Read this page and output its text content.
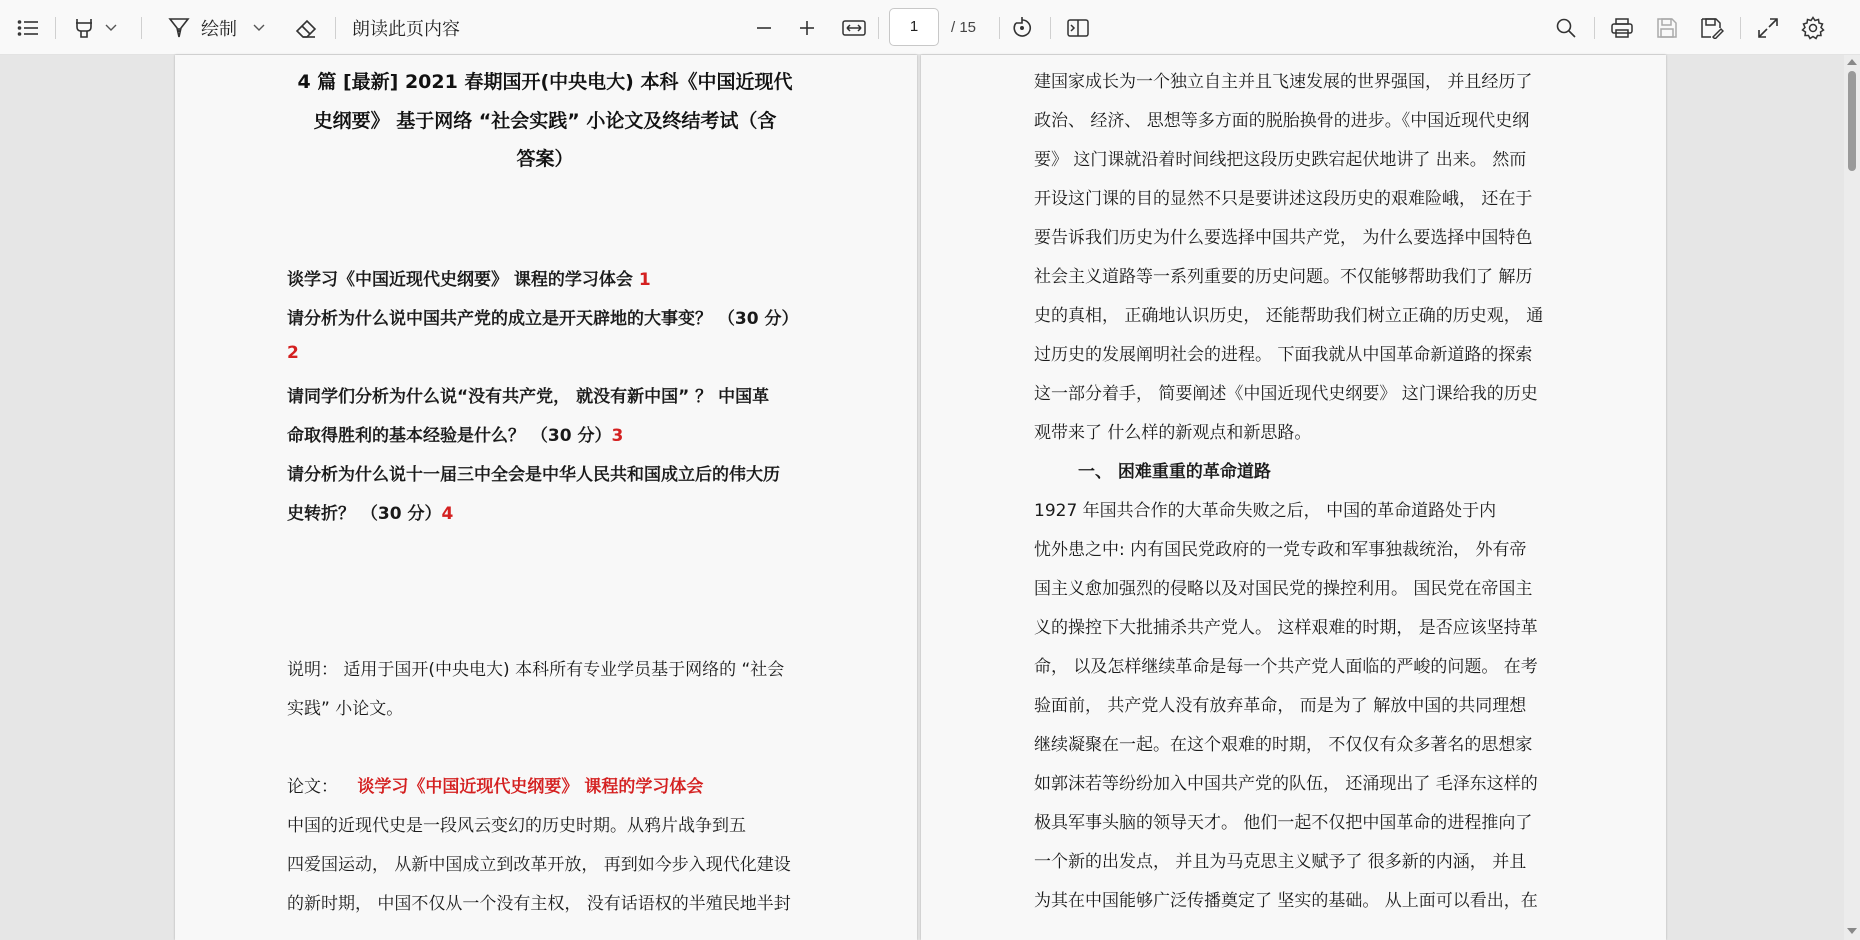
绘制	朗读此页内容	1	/ 15
4 篇 [最新] 2021 春期国开(中央电大) 本科《中国近现代
史纲要》 基于网络 “社会实践” 小论文及终结考试（含
答案）
谈学习《中国近现代史纲要》 课程的学习体会 1
请分析为什么说中国共产党的成立是开天辟地的大事变？ （30 分）
2
请同学们分析为什么说“没有共产党， 就没有新中国” ？ 中国革
命取得胜利的基本经验是什么？ （30 分）3
请分析为什么说十一届三中全会是中华人民共和国成立后的伟大历
史转折？ （30 分）4
说明： 适用于国开(中央电大) 本科所有专业学员基于网络的 “社会
实践” 小论文。
论文： 谈学习《中国近现代史纲要》 课程的学习体会
中国的近现代史是一段风云变幻的历史时期。从鸦片战争到五
四爱国运动， 从新中国成立到改革开放， 再到如今步入现代化建设
的新时期， 中国不仅从一个没有主权， 没有话语权的半殖民地半封
建国家成长为一个独立自主并且飞速发展的世界强国， 并且经历了
政治、 经济、 思想等多方面的脱胎换骨的进步。《中国近现代史纲
要》 这门课就沿着时间线把这段历史跌宕起伏地讲了 出来。 然而
开设这门课的目的显然不只是要讲述这段历史的艰难险峨， 还在于
要告诉我们历史为什么要选择中国共产党， 为什么要选择中国特色
社会主义道路等一系列重要的历史问题。不仅能够帮助我们了 解历
史的真相， 正确地认识历史， 还能帮助我们树立正确的历史观， 通
过历史的发展阐明社会的进程。 下面我就从中国革命新道路的探索
这一部分着手， 简要阐述《中国近现代史纲要》 这门课给我的历史
观带来了 什么样的新观点和新思路。
一、 困难重重的革命道路
1927 年国共合作的大革命失败之后， 中国的革命道路处于内
忧外患之中: 内有国民党政府的一党专政和军事独裁统治， 外有帝
国主义愈加强烈的侵略以及对国民党的操控利用。 国民党在帝国主
义的操控下大批捕杀共产党人。 这样艰难的时期， 是否应该坚持革
命， 以及怎样继续革命是每一个共产党人面临的严峻的问题。 在考
验面前， 共产党人没有放弃革命， 而是为了 解放中国的共同理想
继续凝聚在一起。在这个艰难的时期， 不仅仅有众多著名的思想家
如郭沫若等纷纷加入中国共产党的队伍， 还涌现出了 毛泽东这样的
极具军事头脑的领导天才。 他们一起不仅把中国革命的进程推向了
一个新的出发点， 并且为马克思主义赋予了 很多新的内涵， 并且
为其在中国能够广泛传播奠定了 坚实的基础。 从上面可以看出，在
